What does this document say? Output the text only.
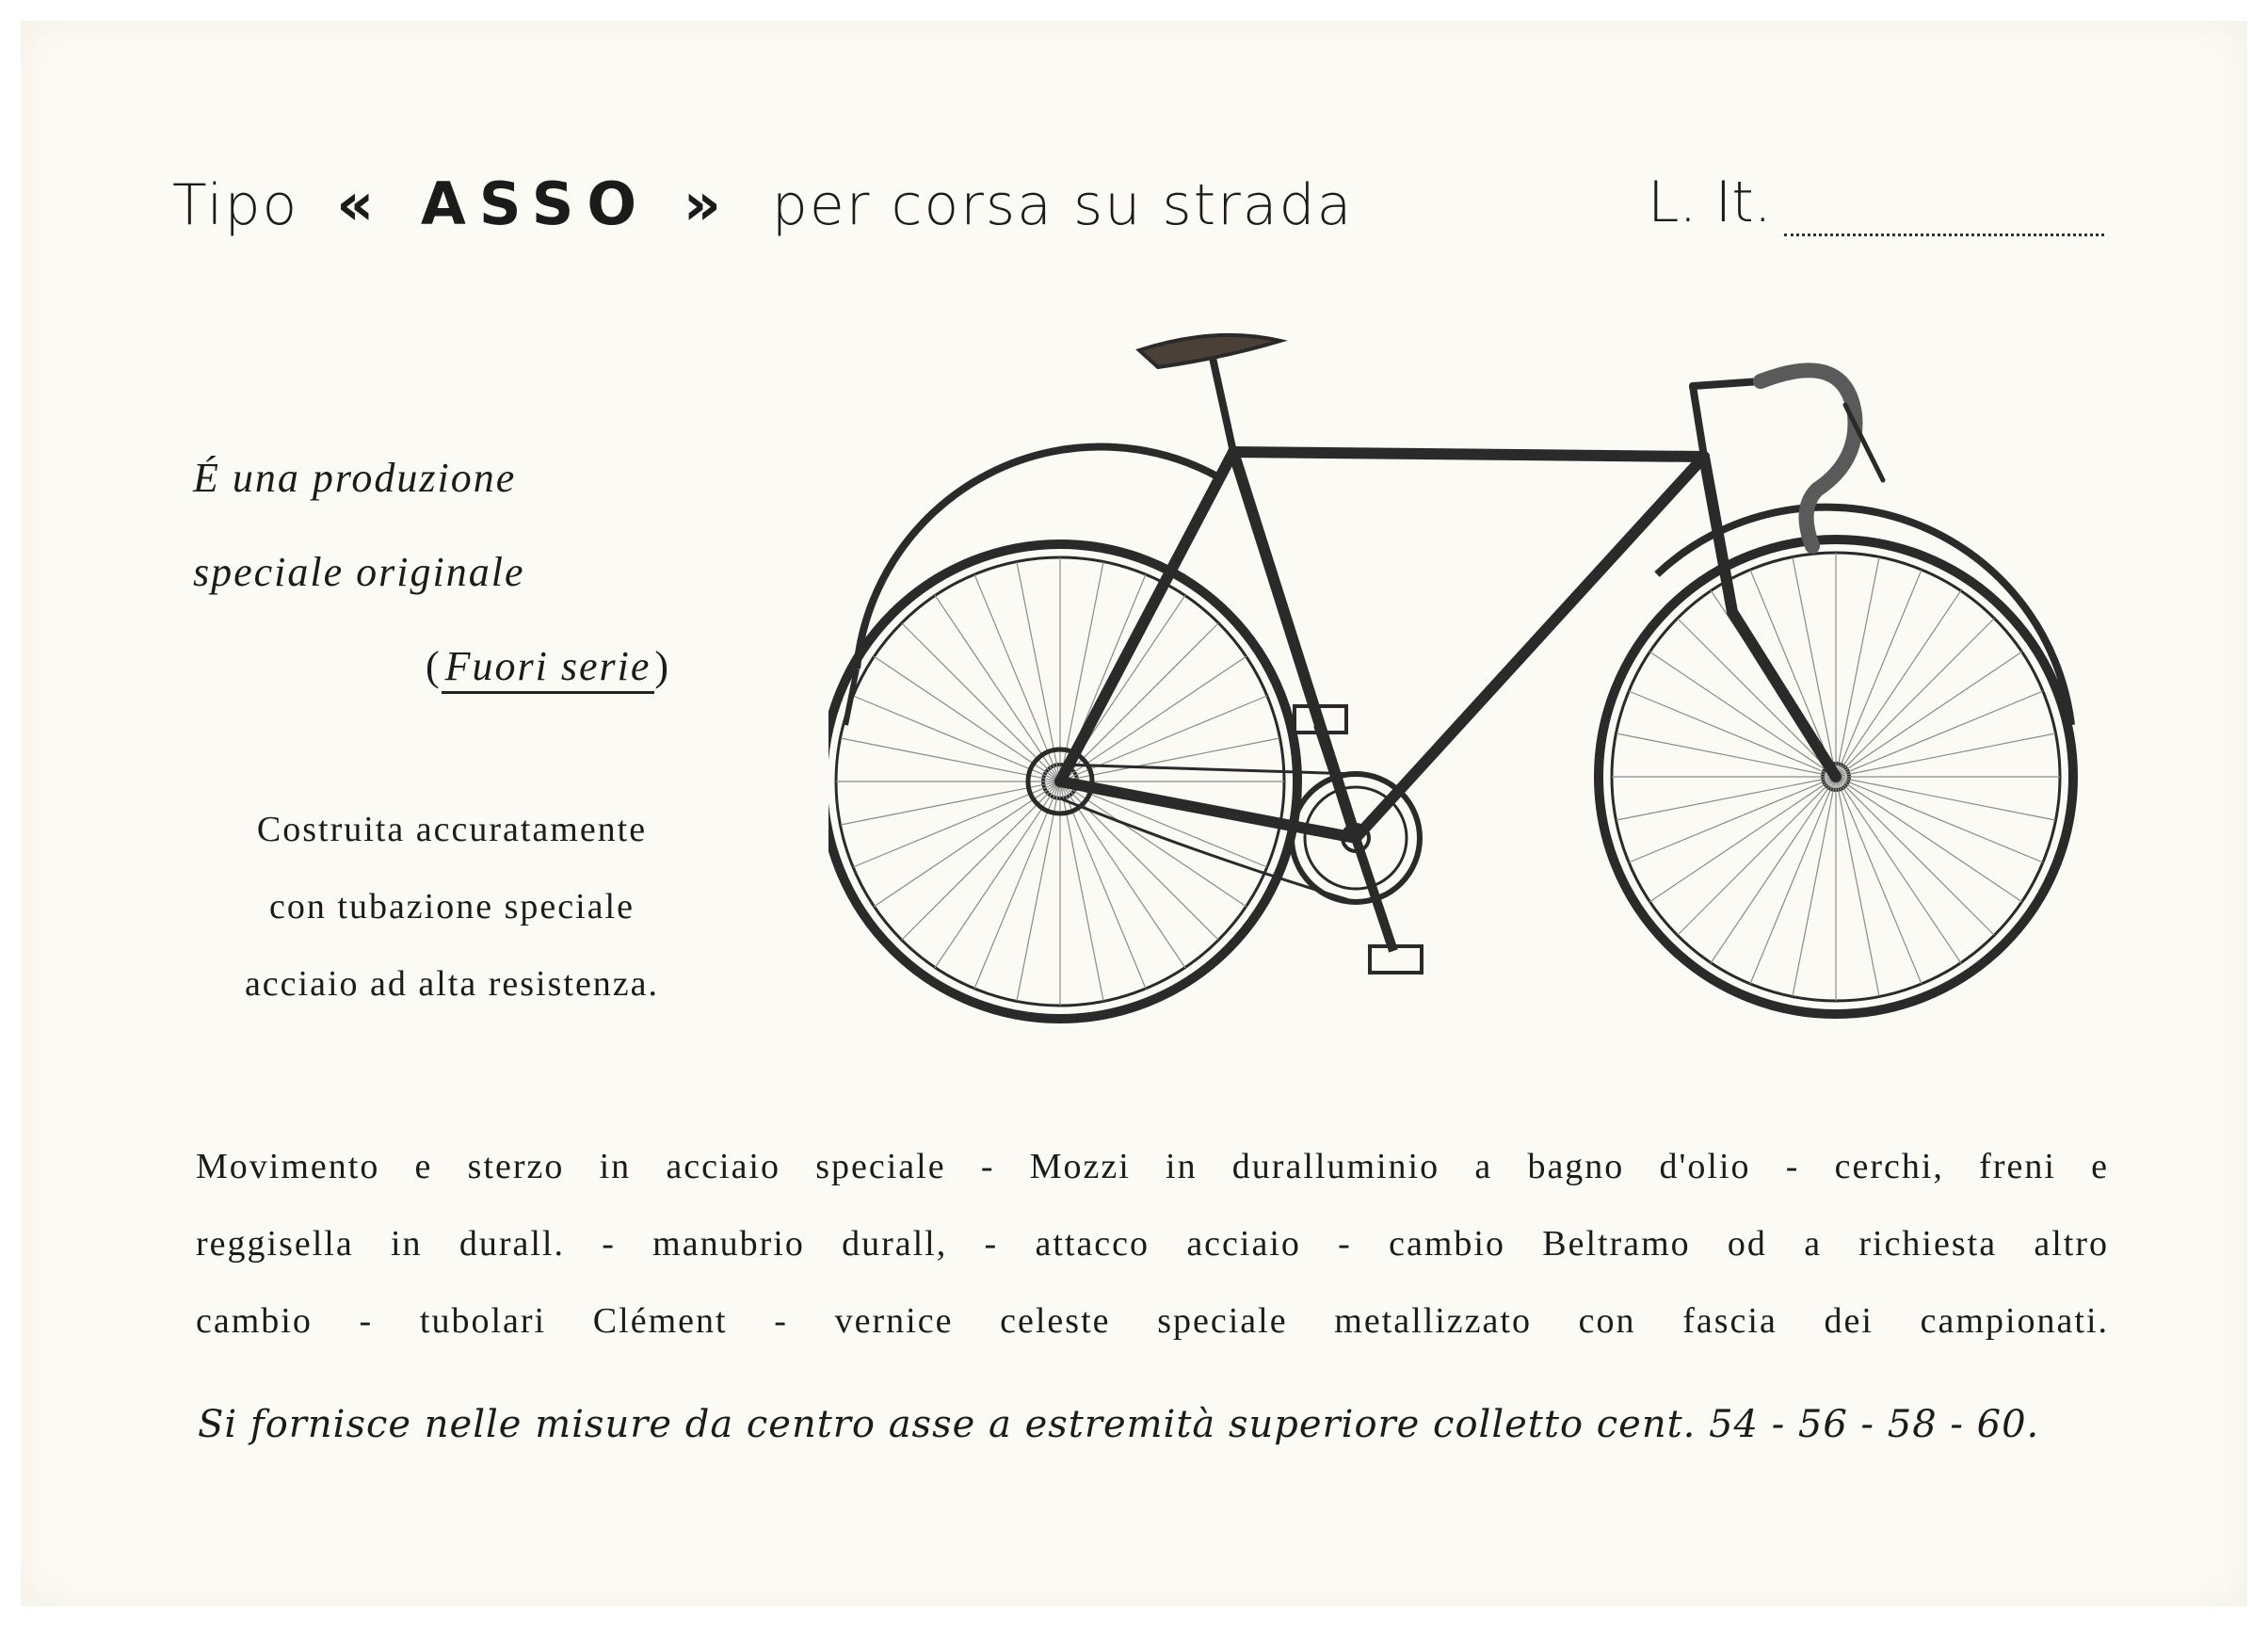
Tipo « ASSO » per corsa su strada	L. It.
É una produzione
speciale originale
(Fuori serie)
Costruita accuratamente
con tubazione speciale
acciaio ad alta resistenza.
Movimento e sterzo in acciaio speciale - Mozzi in duralluminio a bagno d'olio - cerchi, freni e
reggisella in durall. - manubrio durall, - attacco acciaio - cambio Beltramo od a richiesta altro
cambio - tubolari Clément - vernice celeste speciale metallizzato con fascia dei campionati.
Si fornisce nelle misure da centro asse a estremità superiore colletto cent. 54 - 56 - 58 - 60.
